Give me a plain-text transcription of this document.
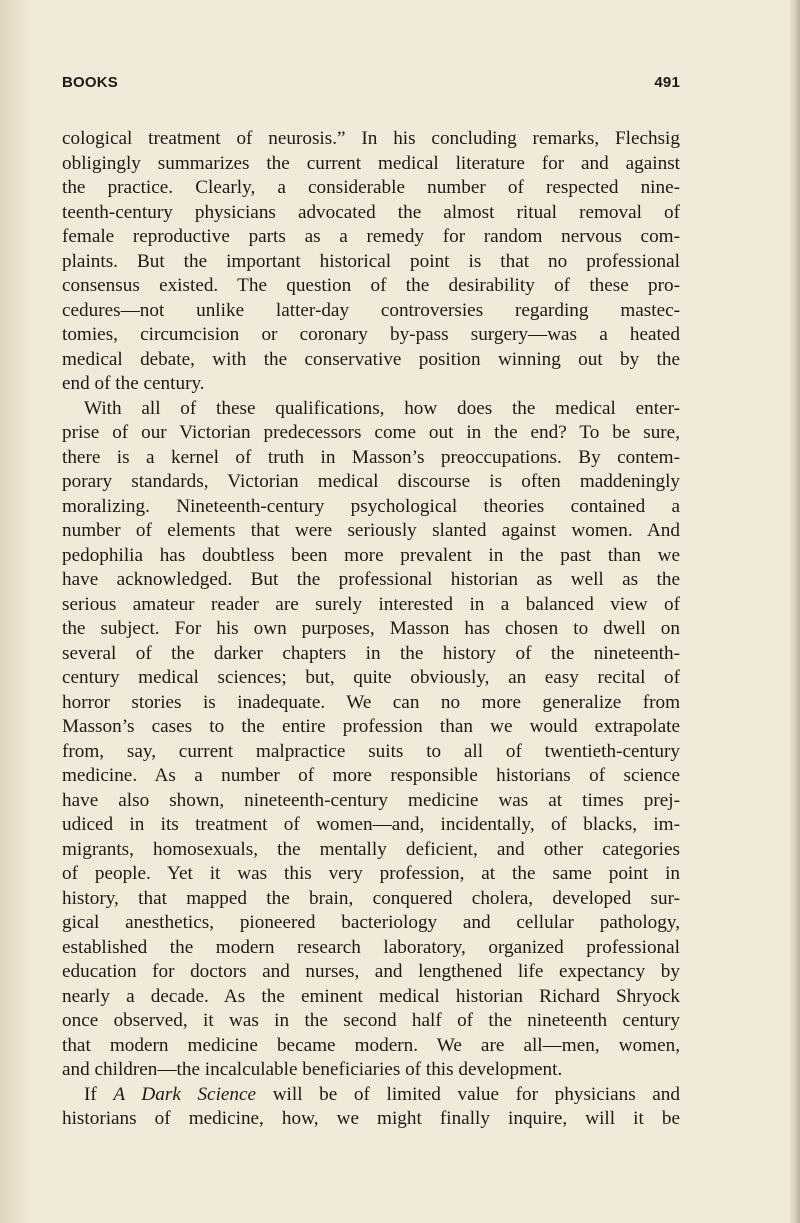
BOOKS	491
cological treatment of neurosis.” In his concluding remarks, Flechsig
obligingly summarizes the current medical literature for and against
the practice. Clearly, a considerable number of respected nine-
teenth-century physicians advocated the almost ritual removal of
female reproductive parts as a remedy for random nervous com-
plaints. But the important historical point is that no professional
consensus existed. The question of the desirability of these pro-
cedures—not unlike latter-day controversies regarding mastec-
tomies, circumcision or coronary by-pass surgery—was a heated
medical debate, with the conservative position winning out by the
end of the century.
With all of these qualifications, how does the medical enter-
prise of our Victorian predecessors come out in the end? To be sure,
there is a kernel of truth in Masson’s preoccupations. By contem-
porary standards, Victorian medical discourse is often maddeningly
moralizing. Nineteenth-century psychological theories contained a
number of elements that were seriously slanted against women. And
pedophilia has doubtless been more prevalent in the past than we
have acknowledged. But the professional historian as well as the
serious amateur reader are surely interested in a balanced view of
the subject. For his own purposes, Masson has chosen to dwell on
several of the darker chapters in the history of the nineteenth-
century medical sciences; but, quite obviously, an easy recital of
horror stories is inadequate. We can no more generalize from
Masson’s cases to the entire profession than we would extrapolate
from, say, current malpractice suits to all of twentieth-century
medicine. As a number of more responsible historians of science
have also shown, nineteenth-century medicine was at times prej-
udiced in its treatment of women—and, incidentally, of blacks, im-
migrants, homosexuals, the mentally deficient, and other categories
of people. Yet it was this very profession, at the same point in
history, that mapped the brain, conquered cholera, developed sur-
gical anesthetics, pioneered bacteriology and cellular pathology,
established the modern research laboratory, organized professional
education for doctors and nurses, and lengthened life expectancy by
nearly a decade. As the eminent medical historian Richard Shryock
once observed, it was in the second half of the nineteenth century
that modern medicine became modern. We are all—men, women,
and children—the incalculable beneficiaries of this development.
If A Dark Science will be of limited value for physicians and
historians of medicine, how, we might finally inquire, will it be
